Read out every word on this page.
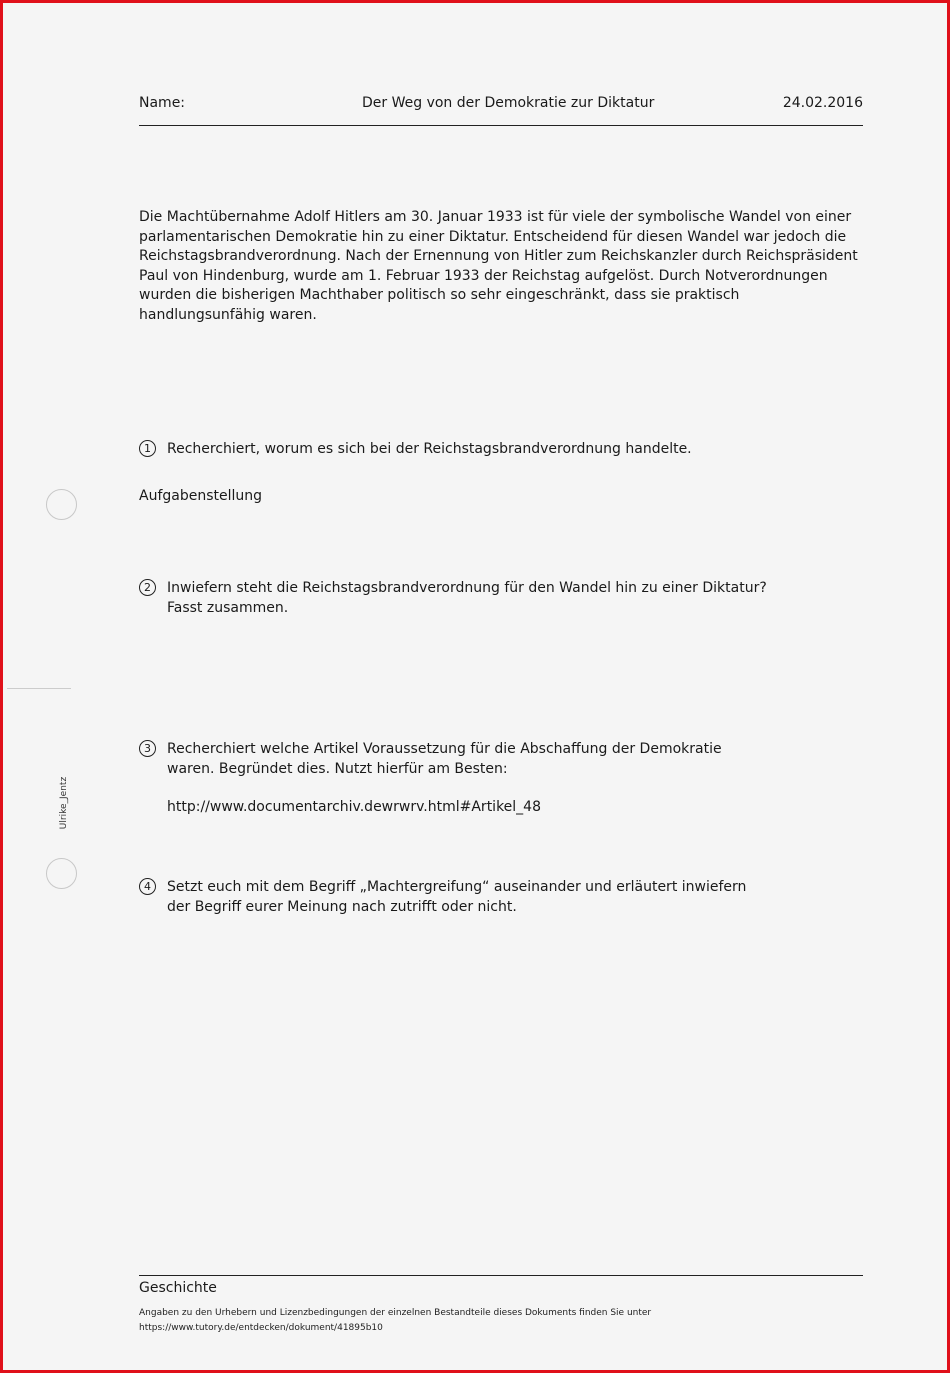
Name:	Der Weg von der Demokratie zur Diktatur	24.02.2016

Die Machtübernahme Adolf Hitlers am 30. Januar 1933 ist für viele der symbolische Wandel von einer parlamentarischen Demokratie hin zu einer Diktatur. Entscheidend für diesen Wandel war jedoch die Reichstagsbrandverordnung. Nach der Ernennung von Hitler zum Reichskanzler durch Reichspräsident Paul von Hindenburg, wurde am 1. Februar 1933 der Reichstag aufgelöst. Durch Notverordnungen wurden die bisherigen Machthaber politisch so sehr eingeschränkt, dass sie praktisch handlungsunfähig waren.

1	Recherchiert, worum es sich bei der Reichstagsbrandverordnung handelte.
Aufgabenstellung
2	Inwiefern steht die Reichstagsbrandverordnung für den Wandel hin zu einer Diktatur?
Fasst zusammen.
3	Recherchiert welche Artikel Voraussetzung für die Abschaffung der Demokratie
waren. Begründet dies. Nutzt hierfür am Besten:
http://www.documentarchiv.dewrwrv.html#Artikel_48
4	Setzt euch mit dem Begriff „Machtergreifung“ auseinander und erläutert inwiefern
der Begriff eurer Meinung nach zutrifft oder nicht.
Ulrike_Jentz
Geschichte
Angaben zu den Urhebern und Lizenzbedingungen der einzelnen Bestandteile dieses Dokuments finden Sie unter
https://www.tutory.de/entdecken/dokument/41895b10
